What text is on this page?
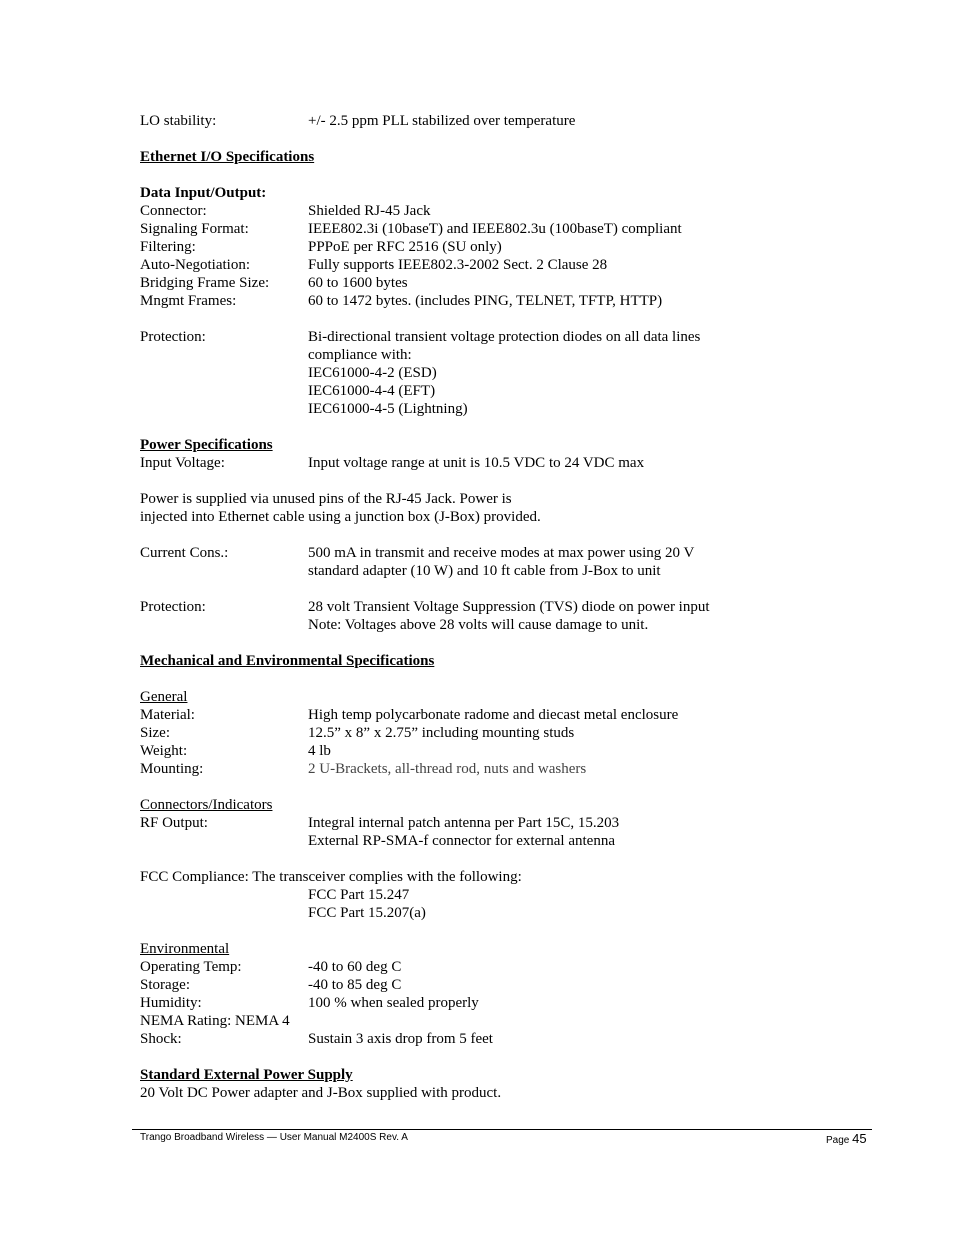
LO stability:	+/- 2.5 ppm PLL stabilized over temperature
Ethernet I/O Specifications
Data Input/Output:
Connector:	Shielded RJ-45 Jack
Signaling Format:	IEEE802.3i (10baseT) and IEEE802.3u (100baseT) compliant
Filtering:	PPPoE per RFC 2516 (SU only)
Auto-Negotiation:	Fully supports IEEE802.3-2002 Sect. 2 Clause 28
Bridging Frame Size:	60 to 1600 bytes
Mngmt Frames:	60 to 1472 bytes. (includes PING, TELNET, TFTP, HTTP)
Protection:	Bi-directional transient voltage protection diodes on all data lines
compliance with:
IEC61000-4-2 (ESD)
IEC61000-4-4 (EFT)
IEC61000-4-5 (Lightning)
Power Specifications
Input Voltage:	Input voltage range at unit is 10.5 VDC to 24 VDC max
Power is supplied via unused pins of the RJ-45 Jack. Power is
injected into Ethernet cable using a junction box (J-Box) provided.
Current Cons.:	500 mA in transmit and receive modes at max power using 20 V
standard adapter (10 W) and 10 ft cable from J-Box to unit
Protection:	28 volt Transient Voltage Suppression (TVS) diode on power input
Note: Voltages above 28 volts will cause damage to unit.
Mechanical and Environmental Specifications
General
Material:	High temp polycarbonate radome and diecast metal enclosure
Size:	12.5” x 8” x 2.75” including mounting studs
Weight:	4 lb
Mounting:	2 U-Brackets, all-thread rod, nuts and washers
Connectors/Indicators
RF Output:	Integral internal patch antenna per Part 15C, 15.203
External RP-SMA-f connector for external antenna
FCC Compliance: The transceiver complies with the following:
FCC Part 15.247
FCC Part 15.207(a)
Environmental
Operating Temp:	-40 to 60 deg C
Storage:	-40 to 85 deg C
Humidity:	100 % when sealed properly
NEMA Rating: NEMA 4
Shock:	Sustain 3 axis drop from 5 feet
Standard External Power Supply
20 Volt DC Power adapter and J-Box supplied with product.
Trango Broadband Wireless — User Manual M2400S Rev. A	Page 45
